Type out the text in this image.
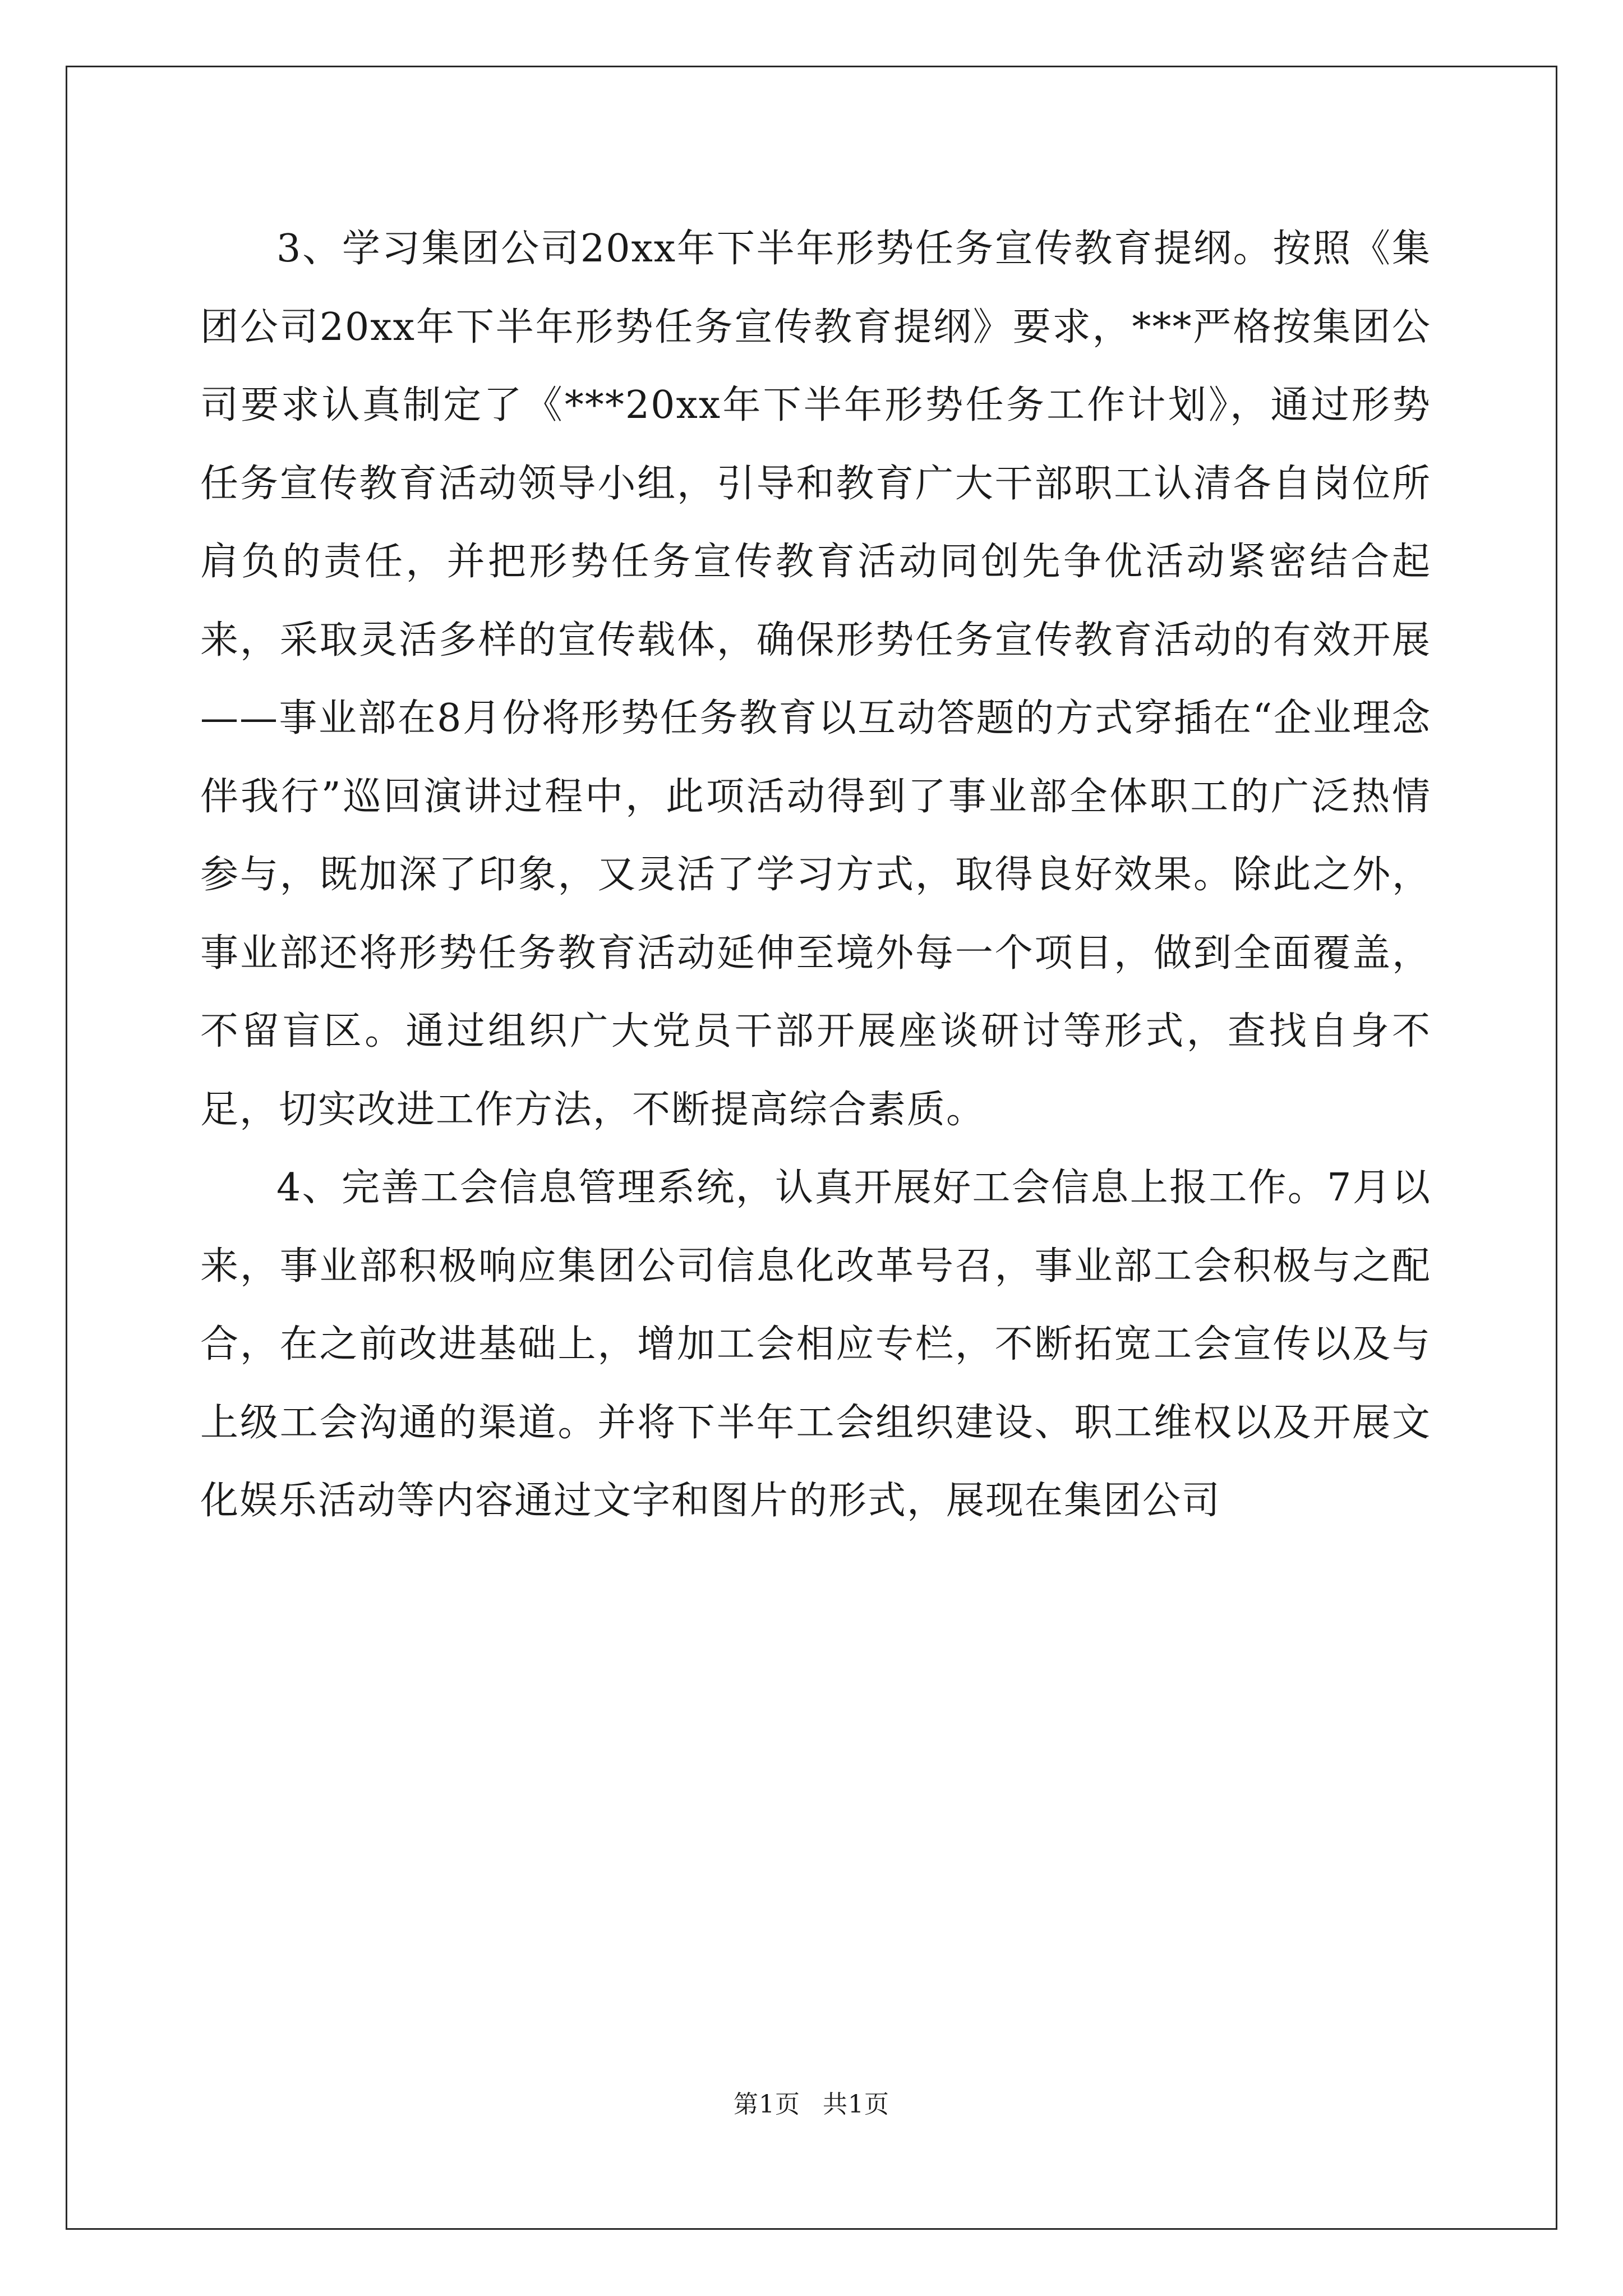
3、学习集团公司20xx年下半年形势任务宣传教育提纲。按照《集团公司20xx年下半年形势任务宣传教育提纲》要求，***严格按集团公司要求认真制定了《***20xx年下半年形势任务工作计划》，通过形势任务宣传教育活动领导小组，引导和教育广大干部职工认清各自岗位所肩负的责任，并把形势任务宣传教育活动同创先争优活动紧密结合起来，采取灵活多样的宣传载体，确保形势任务宣传教育活动的有效开展——事业部在8月份将形势任务教育以互动答题的方式穿插在“企业理念伴我行”巡回演讲过程中，此项活动得到了事业部全体职工的广泛热情参与，既加深了印象，又灵活了学习方式，取得良好效果。除此之外，事业部还将形势任务教育活动延伸至境外每一个项目，做到全面覆盖，不留盲区。通过组织广大党员干部开展座谈研讨等形式，查找自身不足，切实改进工作方法，不断提高综合素质。

4、完善工会信息管理系统，认真开展好工会信息上报工作。7月以来，事业部积极响应集团公司信息化改革号召，事业部工会积极与之配合，在之前改进基础上，增加工会相应专栏，不断拓宽工会宣传以及与上级工会沟通的渠道。并将下半年工会组织建设、职工维权以及开展文化娱乐活动等内容通过文字和图片的形式，展现在集团公司

第1页 共1页
